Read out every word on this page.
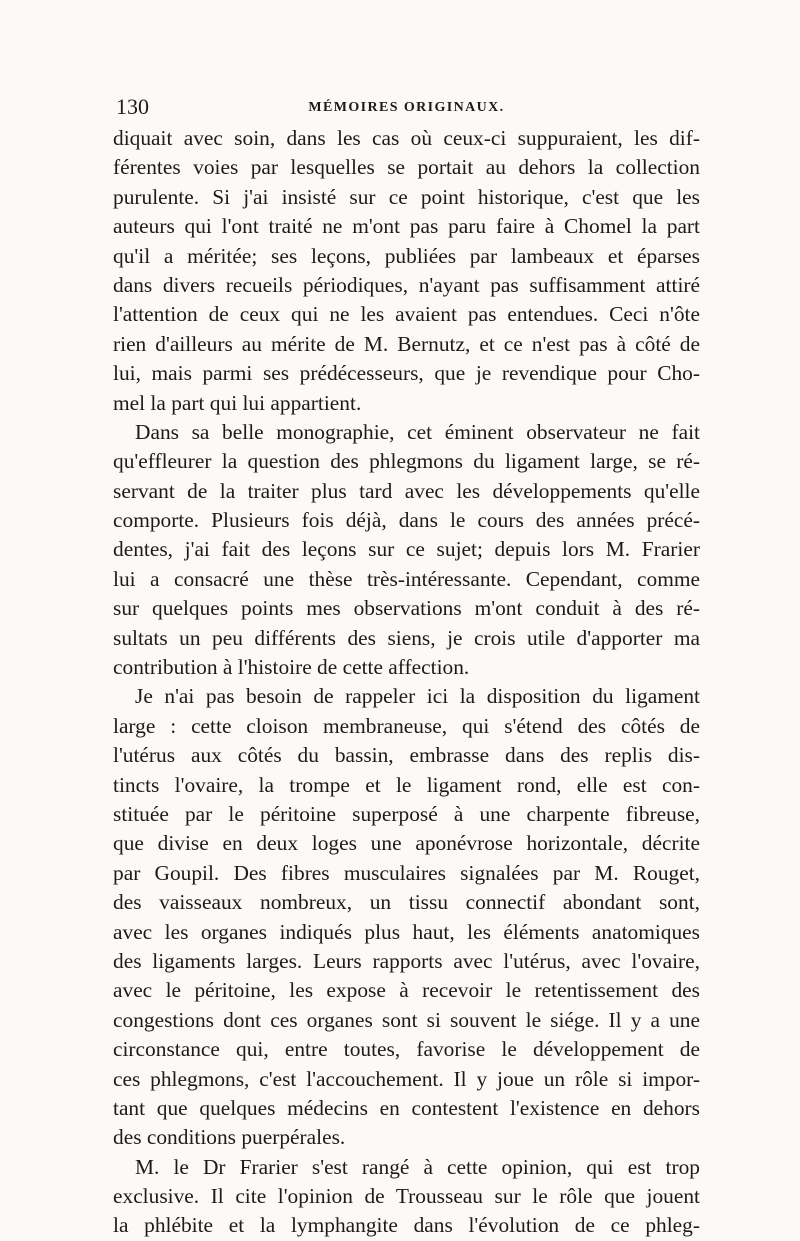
130	MÉMOIRES ORIGINAUX.
diquait avec soin, dans les cas où ceux-ci suppuraient, les dif-
férentes voies par lesquelles se portait au dehors la collection
purulente. Si j'ai insisté sur ce point historique, c'est que les
auteurs qui l'ont traité ne m'ont pas paru faire à Chomel la part
qu'il a méritée; ses leçons, publiées par lambeaux et éparses
dans divers recueils périodiques, n'ayant pas suffisamment attiré
l'attention de ceux qui ne les avaient pas entendues. Ceci n'ôte
rien d'ailleurs au mérite de M. Bernutz, et ce n'est pas à côté de
lui, mais parmi ses prédécesseurs, que je revendique pour Cho-
mel la part qui lui appartient.
Dans sa belle monographie, cet éminent observateur ne fait
qu'effleurer la question des phlegmons du ligament large, se ré-
servant de la traiter plus tard avec les développements qu'elle
comporte. Plusieurs fois déjà, dans le cours des années précé-
dentes, j'ai fait des leçons sur ce sujet; depuis lors M. Frarier
lui a consacré une thèse très-intéressante. Cependant, comme
sur quelques points mes observations m'ont conduit à des ré-
sultats un peu différents des siens, je crois utile d'apporter ma
contribution à l'histoire de cette affection.
Je n'ai pas besoin de rappeler ici la disposition du ligament
large : cette cloison membraneuse, qui s'étend des côtés de
l'utérus aux côtés du bassin, embrasse dans des replis dis-
tincts l'ovaire, la trompe et le ligament rond, elle est con-
stituée par le péritoine superposé à une charpente fibreuse,
que divise en deux loges une aponévrose horizontale, décrite
par Goupil. Des fibres musculaires signalées par M. Rouget,
des vaisseaux nombreux, un tissu connectif abondant sont,
avec les organes indiqués plus haut, les éléments anatomiques
des ligaments larges. Leurs rapports avec l'utérus, avec l'ovaire,
avec le péritoine, les expose à recevoir le retentissement des
congestions dont ces organes sont si souvent le siége. Il y a une
circonstance qui, entre toutes, favorise le développement de
ces phlegmons, c'est l'accouchement. Il y joue un rôle si impor-
tant que quelques médecins en contestent l'existence en dehors
des conditions puerpérales.
M. le Dr Frarier s'est rangé à cette opinion, qui est trop
exclusive. Il cite l'opinion de Trousseau sur le rôle que jouent
la phlébite et la lymphangite dans l'évolution de ce phleg-
